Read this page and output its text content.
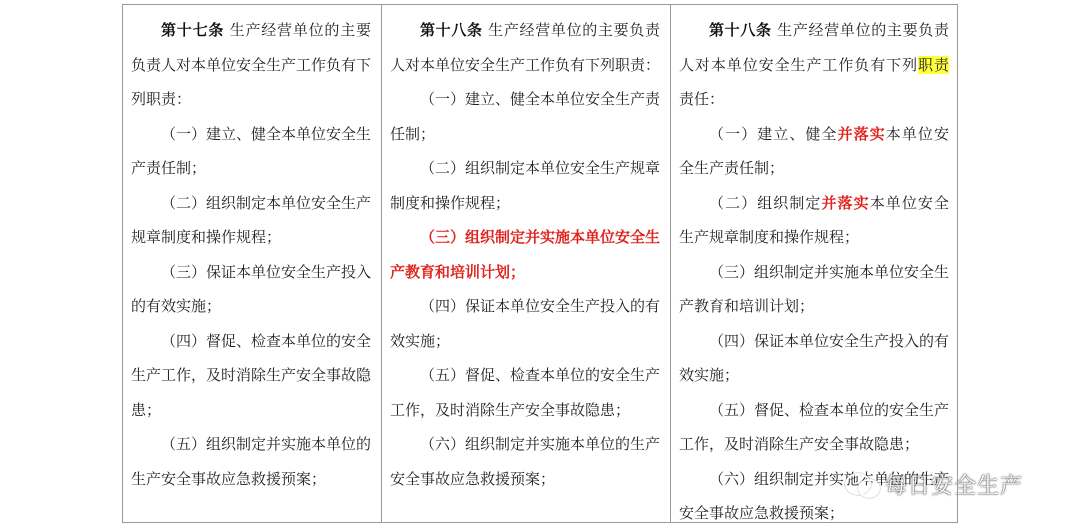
第十七条 生产经营单位的主要负责人对本单位安全生产工作负有下列职责：

（一）建立、健全本单位安全生产责任制；

（二）组织制定本单位安全生产规章制度和操作规程；

（三）保证本单位安全生产投入的有效实施；

（四）督促、检查本单位的安全生产工作，及时消除生产安全事故隐患；

（五）组织制定并实施本单位的生产安全事故应急救援预案；

第十八条 生产经营单位的主要负责人对本单位安全生产工作负有下列职责：

（一）建立、健全本单位安全生产责任制；

（二）组织制定本单位安全生产规章制度和操作规程；

（三）组织制定并实施本单位安全生产教育和培训计划；

（四）保证本单位安全生产投入的有效实施；

（五）督促、检查本单位的安全生产工作，及时消除生产安全事故隐患；

（六）组织制定并实施本单位的生产安全事故应急救援预案；

第十八条 生产经营单位的主要负责人对本单位安全生产工作负有下列职责责任：

（一）建立、健全并落实本单位安全生产责任制；

（二）组织制定并落实本单位安全生产规章制度和操作规程；

（三）组织制定并实施本单位安全生产教育和培训计划；

（四）保证本单位安全生产投入的有效实施；

（五）督促、检查本单位的安全生产工作，及时消除生产安全事故隐患；

（六）组织制定并实施本单位的生产安全事故应急救援预案；

每日安全生产
